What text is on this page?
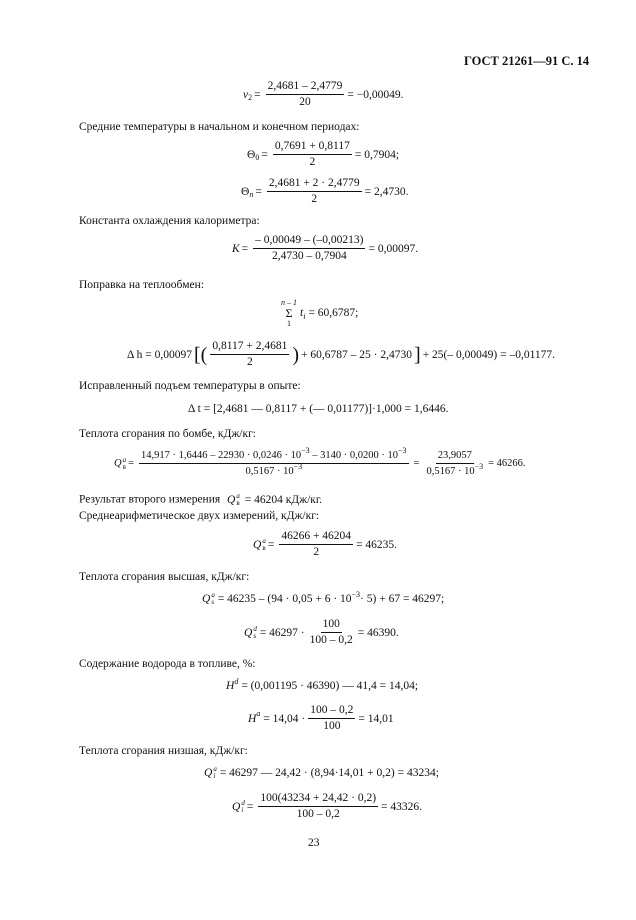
ГОСТ 21261—91 С. 14
v $2 = \frac{2,4681 - 2,4779}{20} = -0,00049$.
Средние температуры в начальном и конечном периодах:
Θ $0 = \frac{0,7691 + 0,8117}{2} = 0,7904$;
Θ $n = \frac{2,4681 + 2 \cdot 2,4779}{2} = 2,4730$.
Константа охлаждения калориметра:
$K = \frac{- 0,00049 - (-0,00213)}{2,4730 - 0,7904} = 0,00097$.
Поправка на теплообмен:
n – 1
Σ
1
t i = 60,6787;
Δ h = 0,00097 [( $\frac{0,8117 + 2,4681}{2}$ ) + 60,6787 – 25 · 2,4730 ] + 25(– 0,00049) = –0,01177.
Исправленный подъем температуры в опыте:
Δ t = [2,4681 — 0,8117 + (— 0,01177)]·1,000 = 1,6446.
Теплота сгорания по бомбе, кДж/кг:
Q a
в =
$14,917 \cdot 1,6446 - 22930 \cdot 0,0246 \cdot 10^{-3} - 3140 \cdot 0,0200 \cdot 10^{-3}$
$0,5167 \cdot 10^{-3}$	= $\frac{23,9057}{0,5167 \cdot 10^{-3}} = 46266$.
Результат второго измерения Q a
в = 46204 кДж/кг.
Среднеарифметическое двух измерений, кДж/кг:
Q a
$в = \frac{46266 + 46204}{2} = 46235$.
Теплота сгорания высшая, кДж/кг:
Q a
s = 46235 – (94 · 0,05 + 6 · 10 −3 · 5) + 67 = 46297;
Q d
$s = 46297 \cdot \frac{100}{100 - 0,2} = 46390$.
Содержание водорода в топливе, %:
H d = (0,001195 · 46390) — 41,4 = 14,04;
H $a = 14,04 \cdot \frac{100 - 0,2}{100} = 14,01$
Теплота сгорания низшая, кДж/кг:
Q a
i = 46297 — 24,42 · (8,94·14,01 + 0,2) = 43234;
Q d
$i = \frac{100(43234 + 24,42 \cdot 0,2)}{100 - 0,2} = 43326$.
23
